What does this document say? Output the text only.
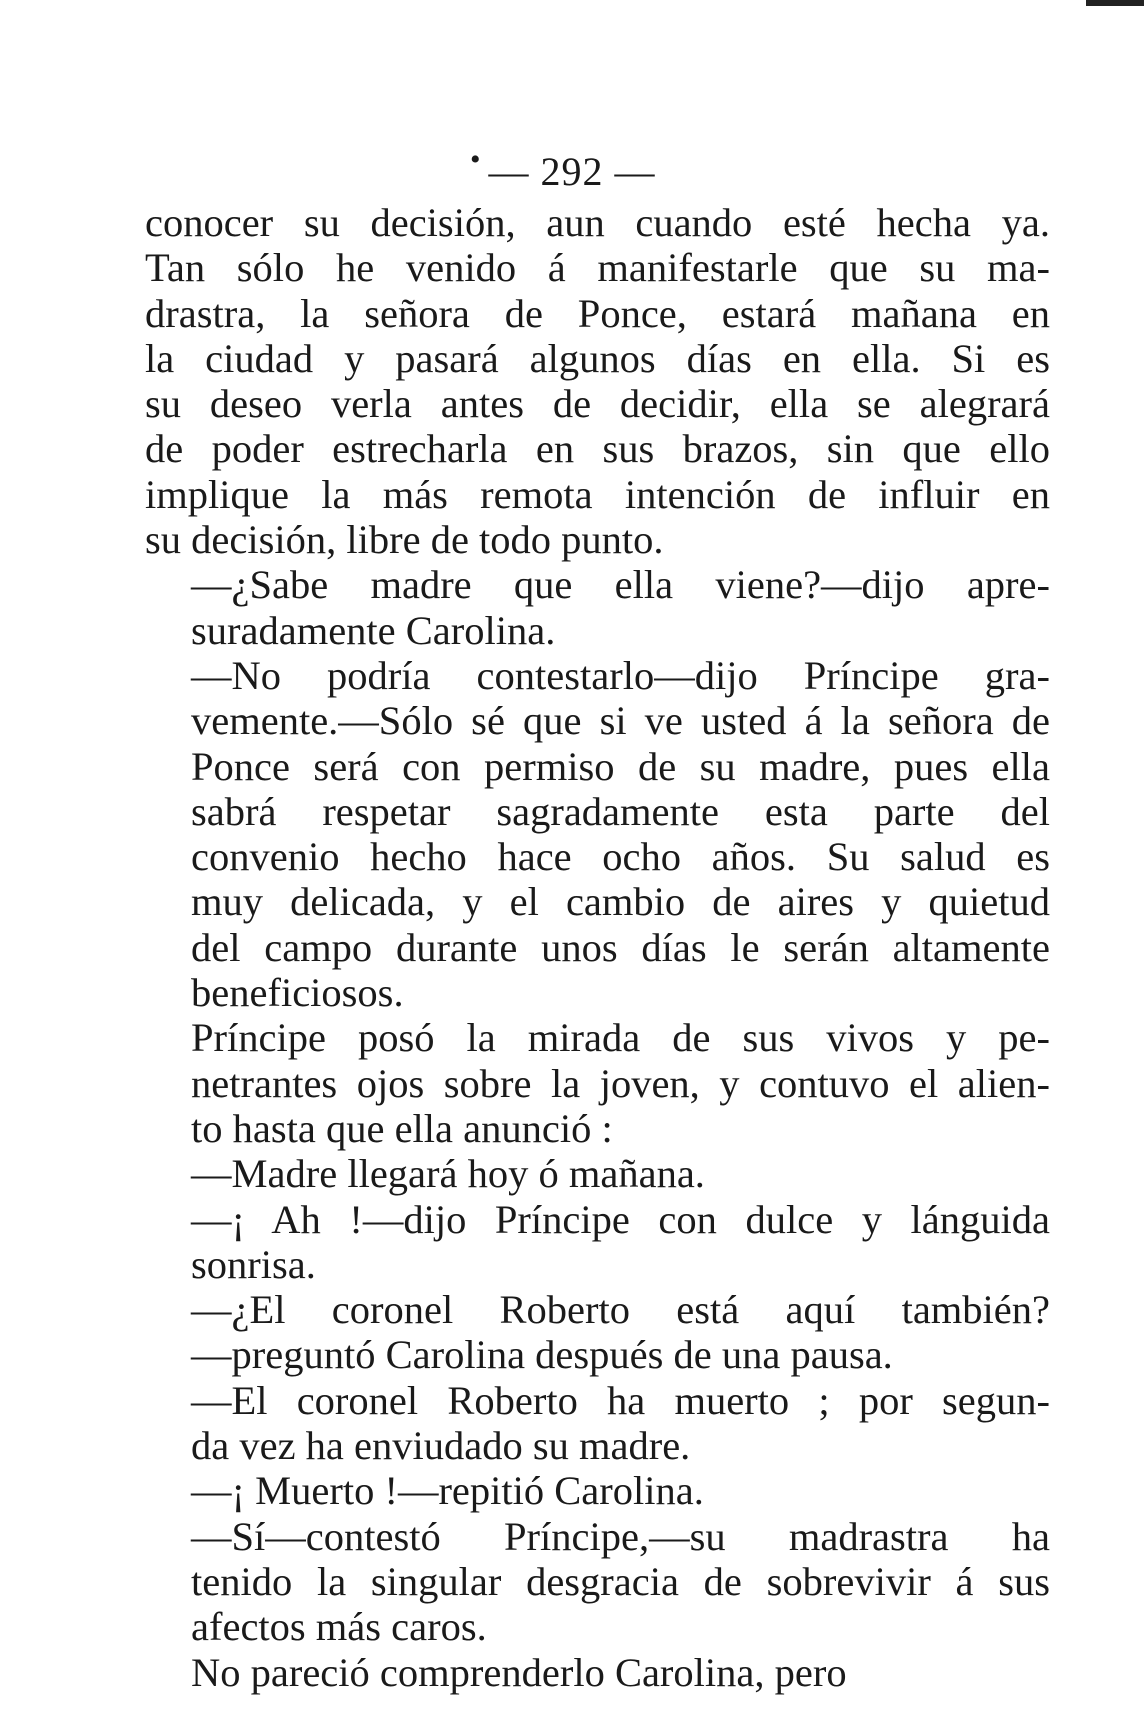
• — 292 —
conocer su decisión, aun cuando esté hecha ya.
Tan sólo he venido á manifestarle que su ma-
drastra, la señora de Ponce, estará mañana en
la ciudad y pasará algunos días en ella. Si es
su deseo verla antes de decidir, ella se alegrará
de poder estrecharla en sus brazos, sin que ello
implique la más remota intención de influir en
su decisión, libre de todo punto.
—¿Sabe madre que ella viene?—dijo apre-
suradamente Carolina.
—No podría contestarlo—dijo Príncipe gra-
vemente.—Sólo sé que si ve usted á la señora de
Ponce será con permiso de su madre, pues ella
sabrá respetar sagradamente esta parte del
convenio hecho hace ocho años. Su salud es
muy delicada, y el cambio de aires y quietud
del campo durante unos días le serán altamente
beneficiosos.
Príncipe posó la mirada de sus vivos y pe-
netrantes ojos sobre la joven, y contuvo el alien-
to hasta que ella anunció :
—Madre llegará hoy ó mañana.
—¡ Ah !—dijo Príncipe con dulce y lánguida
sonrisa.
—¿El coronel Roberto está aquí también?
—preguntó Carolina después de una pausa.
—El coronel Roberto ha muerto ; por segun-
da vez ha enviudado su madre.
—¡ Muerto !—repitió Carolina.
—Sí—contestó Príncipe,—su madrastra ha
tenido la singular desgracia de sobrevivir á sus
afectos más caros.
No pareció comprenderlo Carolina, pero
